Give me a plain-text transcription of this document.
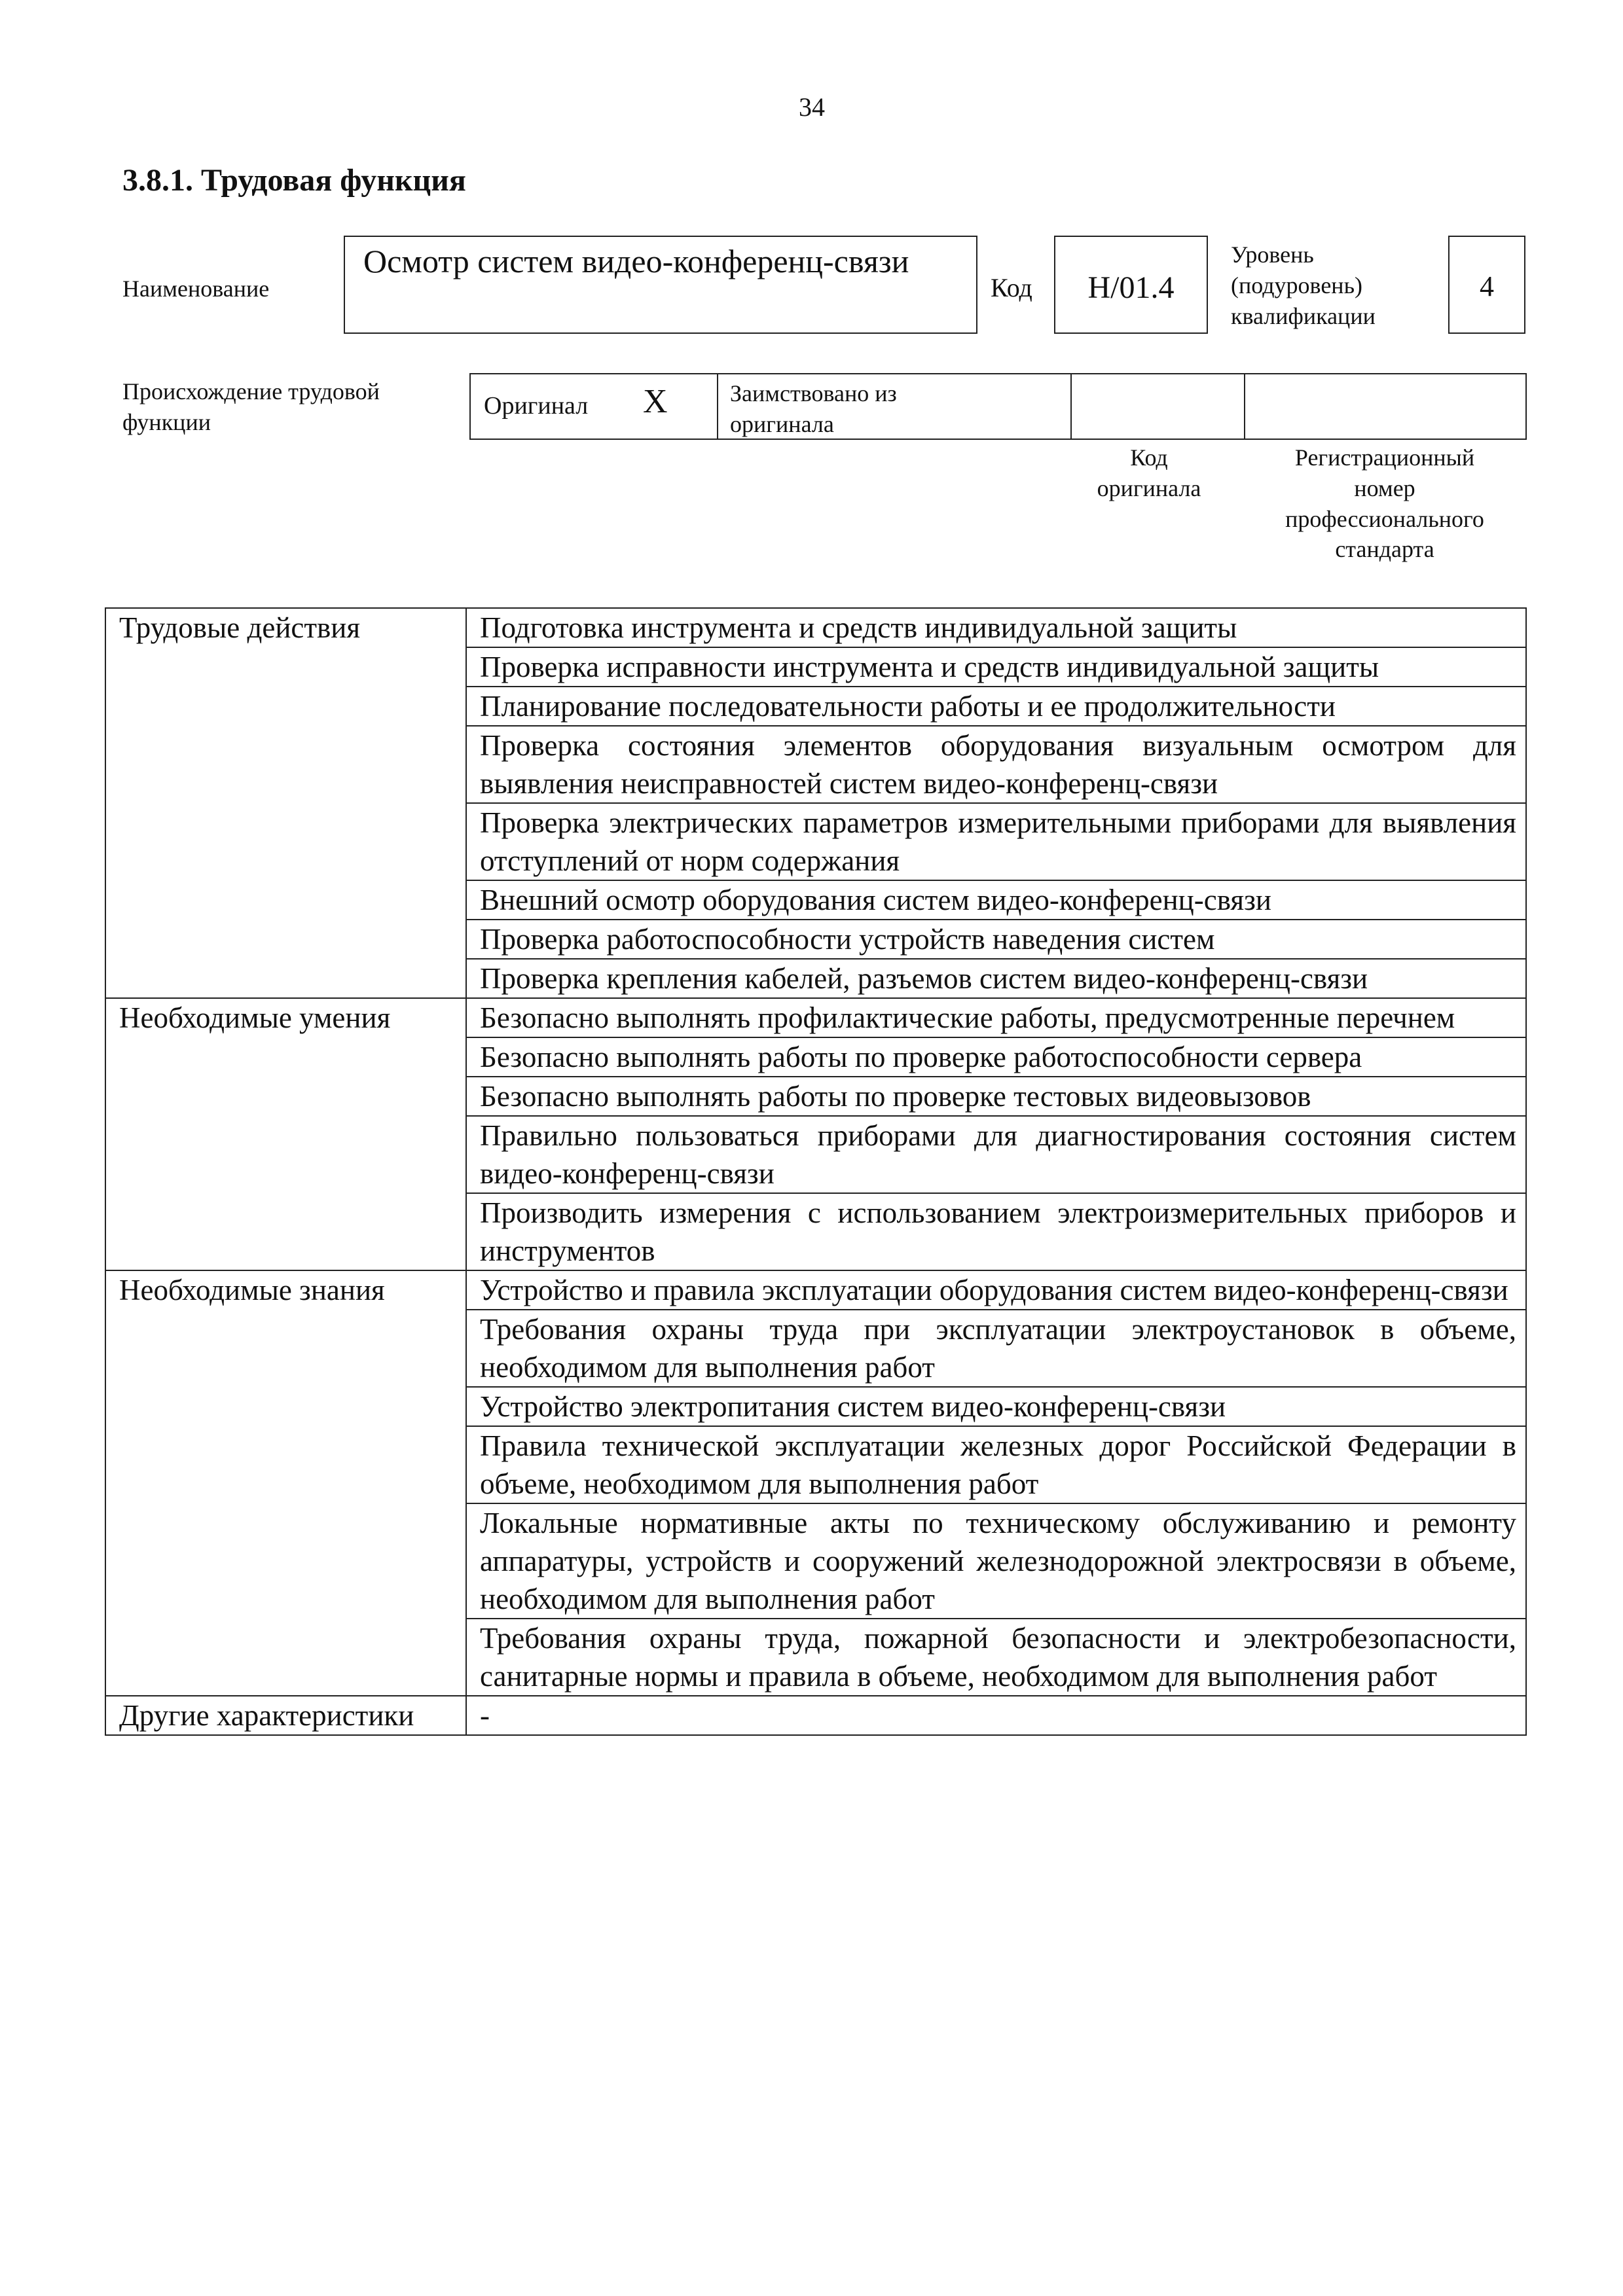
34
3.8.1. Трудовая функция
Наименование
Осмотр систем видео-конференц-связи
Код	Н/01.4
Уровень
(подуровень)
квалификации
4
Происхождение трудовой
функции
Оригинал X	Заимствовано из
оригинала
Код
оригинала
Регистрационный
номер
профессионального
стандарта
Трудовые действия	Подготовка инструмента и средств индивидуальной защиты
	Проверка исправности инструмента и средств индивидуальной защиты
	Планирование последовательности работы и ее продолжительности
	Проверка состояния элементов оборудования визуальным осмотром для выявления неисправностей систем видео-конференц-связи
	Проверка электрических параметров измерительными приборами для выявления отступлений от норм содержания
	Внешний осмотр оборудования систем видео-конференц-связи
	Проверка работоспособности устройств наведения систем
	Проверка крепления кабелей, разъемов систем видео-конференц-связи
Необходимые умения	Безопасно выполнять профилактические работы, предусмотренные перечнем
	Безопасно выполнять работы по проверке работоспособности сервера
	Безопасно выполнять работы по проверке тестовых видеовызовов
	Правильно пользоваться приборами для диагностирования состояния систем видео-конференц-связи
	Производить измерения с использованием электроизмерительных приборов и инструментов
Необходимые знания	Устройство и правила эксплуатации оборудования систем видео-конференц-связи
	Требования охраны труда при эксплуатации электроустановок в объеме, необходимом для выполнения работ
	Устройство электропитания систем видео-конференц-связи
	Правила технической эксплуатации железных дорог Российской Федерации в объеме, необходимом для выполнения работ
	Локальные нормативные акты по техническому обслуживанию и ремонту аппаратуры, устройств и сооружений железнодорожной электросвязи в объеме, необходимом для выполнения работ
	Требования охраны труда, пожарной безопасности и электробезопасности, санитарные нормы и правила в объеме, необходимом для выполнения работ
Другие характеристики	-
